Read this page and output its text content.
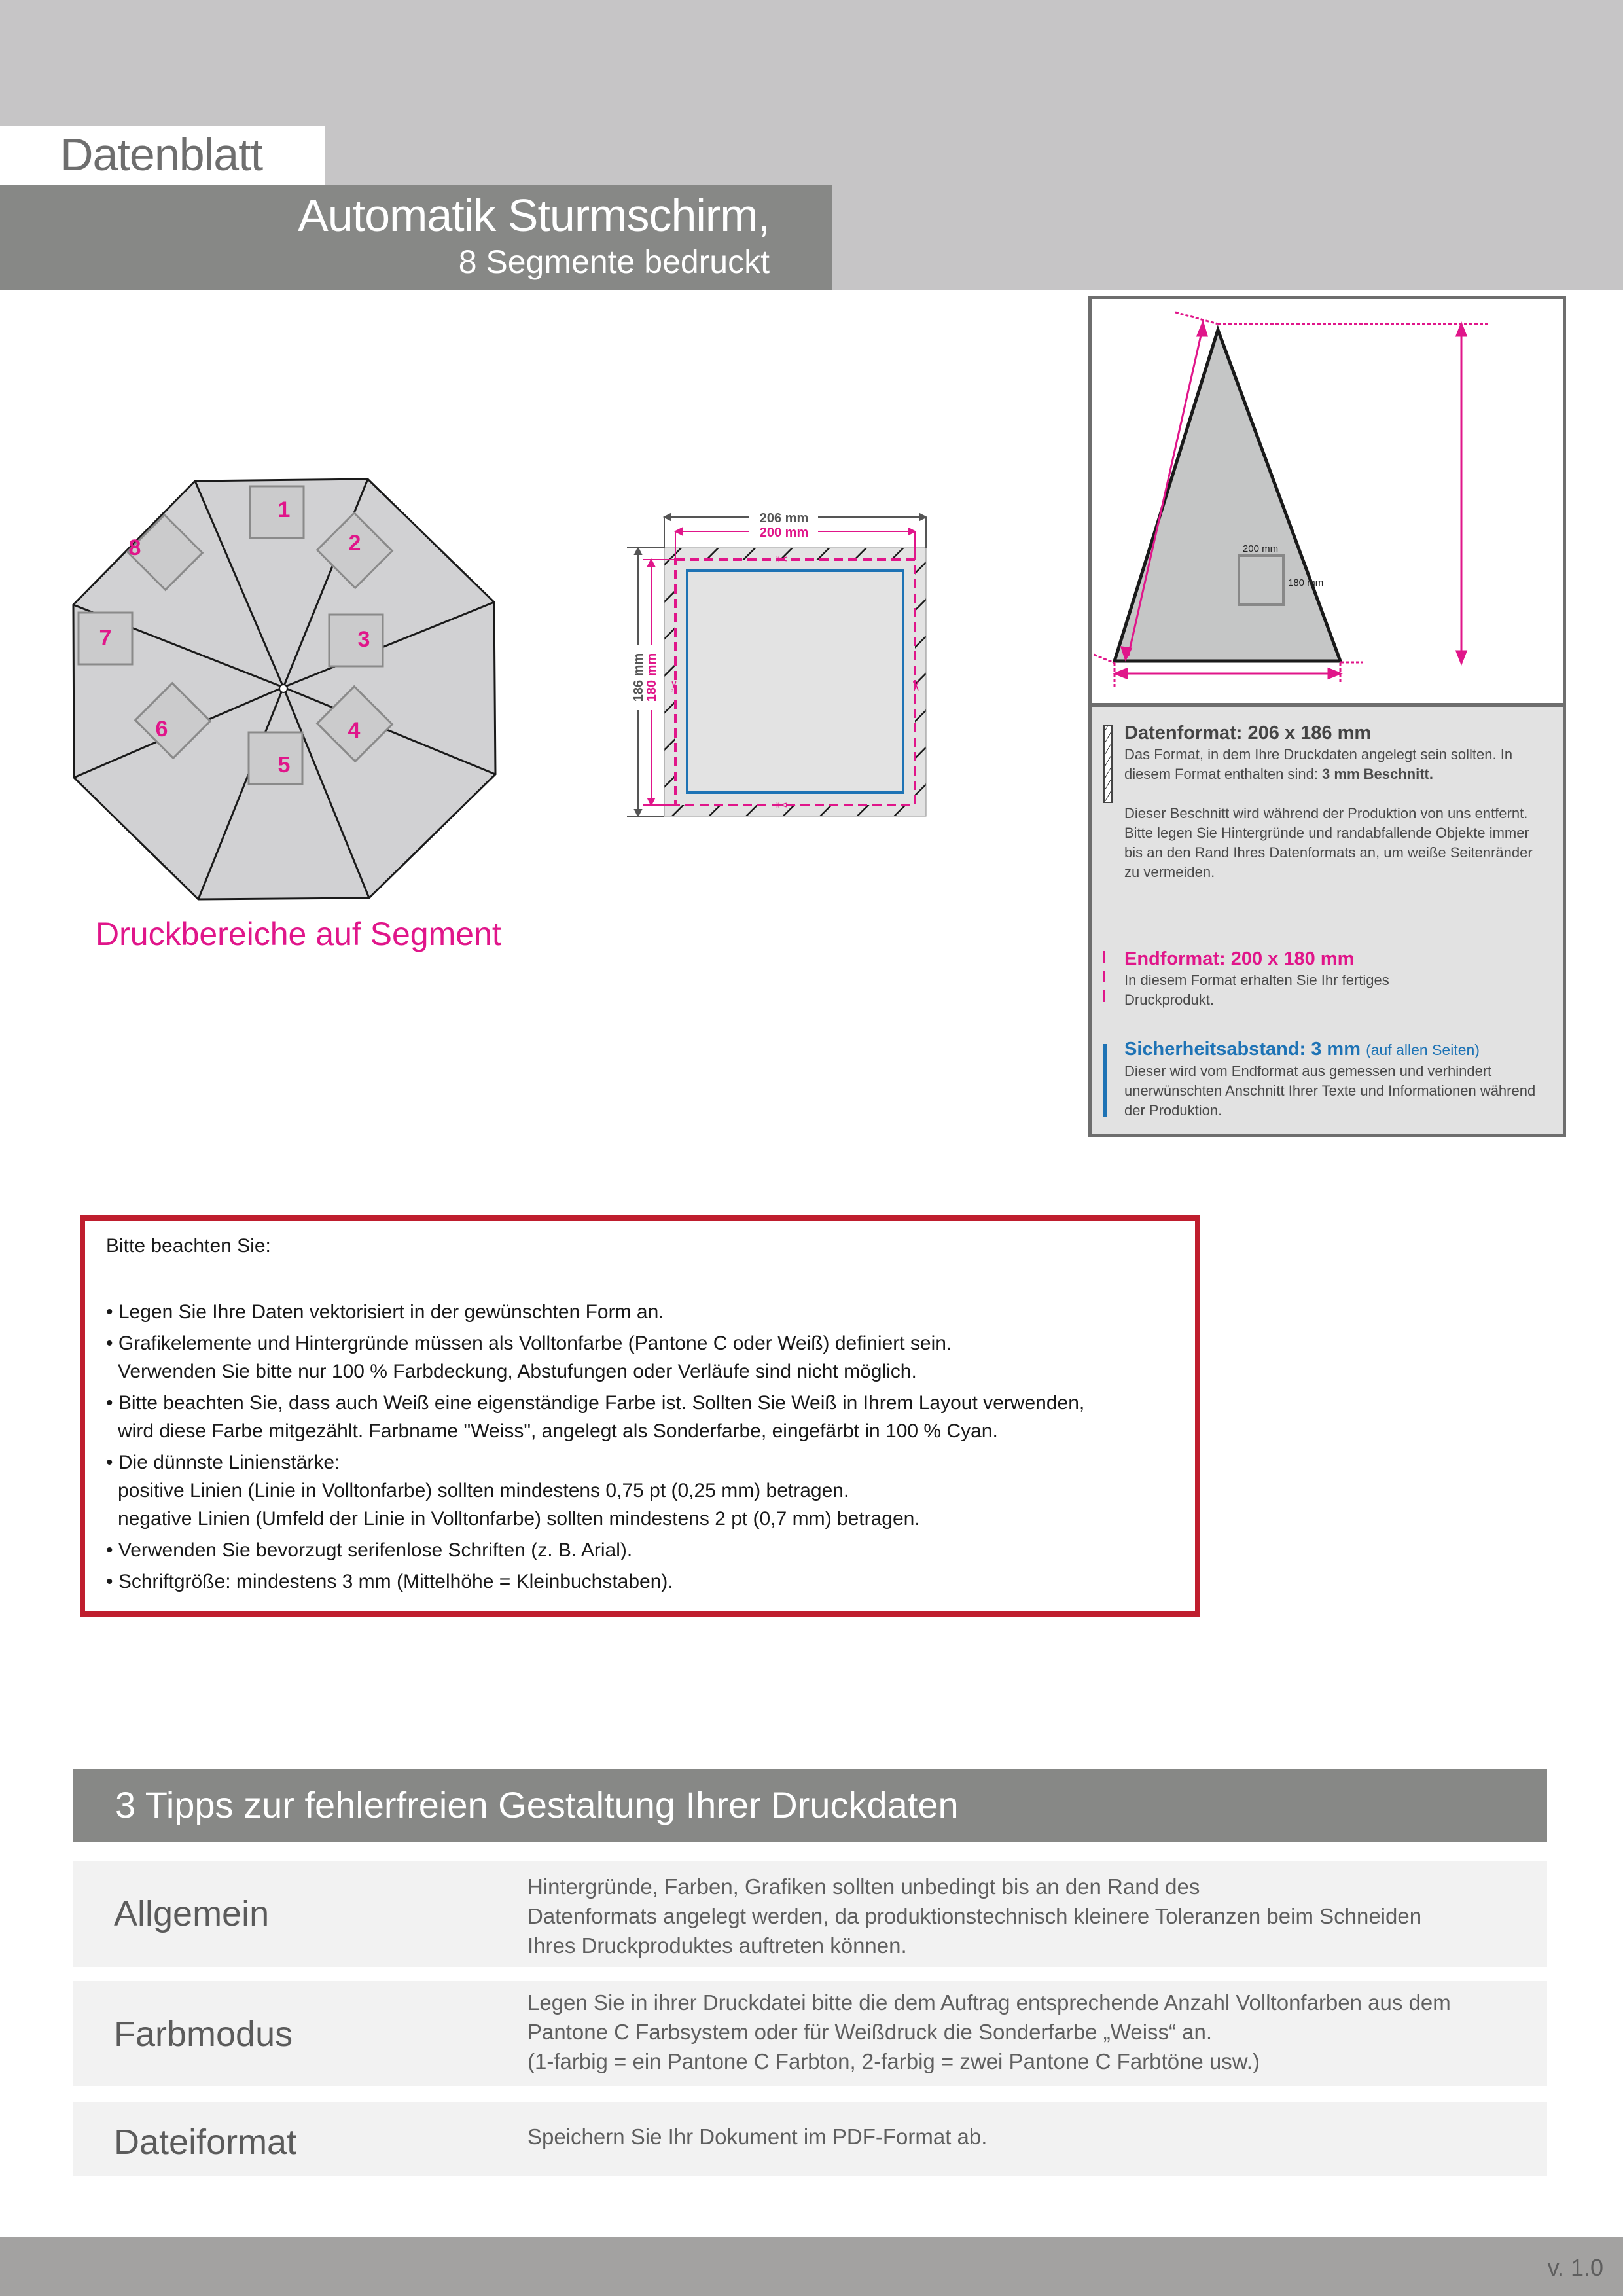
Datenblatt
Automatik Sturmschirm,
8 Segmente bedruckt
1
2
3
4
5
6
7
8
Druckbereiche auf Segment
206 mm
200 mm
186 mm
180 mm
✂
✂
✂	✂
200 mm
180 mm
Datenformat: 206 x 186 mm
Das Format, in dem Ihre Druckdaten angelegt sein sollten. In diesem Format enthalten sind: 3 mm Beschnitt.
Dieser Beschnitt wird während der Produktion von uns entfernt.
Bitte legen Sie Hintergründe und randabfallende Objekte immer bis an den Rand Ihres Datenformats an, um weiße Seitenränder zu vermeiden.
Endformat: 200 x 180 mm
In diesem Format erhalten Sie Ihr fertiges Druckprodukt.
Sicherheitsabstand: 3 mm (auf allen Seiten)
Dieser wird vom Endformat aus gemessen und verhindert unerwünschten Anschnitt Ihrer Texte und Informationen während der Produktion.
Bitte beachten Sie:
• Legen Sie Ihre Daten vektorisiert in der gewünschten Form an.
• Grafikelemente und Hintergründe müssen als Volltonfarbe (Pantone C oder Weiß) definiert sein.
Verwenden Sie bitte nur 100 % Farbdeckung, Abstufungen oder Verläufe sind nicht möglich.
• Bitte beachten Sie, dass auch Weiß eine eigenständige Farbe ist. Sollten Sie Weiß in Ihrem Layout verwenden,
wird diese Farbe mitgezählt. Farbname "Weiss", angelegt als Sonderfarbe, eingefärbt in 100 % Cyan.
• Die dünnste Linienstärke:
positive Linien (Linie in Volltonfarbe) sollten mindestens 0,75 pt (0,25 mm) betragen.
negative Linien (Umfeld der Linie in Volltonfarbe) sollten mindestens 2 pt (0,7 mm) betragen.
• Verwenden Sie bevorzugt serifenlose Schriften (z. B. Arial).
• Schriftgröße: mindestens 3 mm (Mittelhöhe = Kleinbuchstaben).
3 Tipps zur fehlerfreien Gestaltung Ihrer Druckdaten
Allgemein
Hintergründe, Farben, Grafiken sollten unbedingt bis an den Rand des
Datenformats angelegt werden, da produktionstechnisch kleinere Toleranzen beim Schneiden
Ihres Druckproduktes auftreten können.
Farbmodus
Legen Sie in ihrer Druckdatei bitte die dem Auftrag entsprechende Anzahl Volltonfarben aus dem
Pantone C Farbsystem oder für Weißdruck die Sonderfarbe „Weiss“ an.
(1-farbig = ein Pantone C Farbton, 2-farbig = zwei Pantone C Farbtöne usw.)
Dateiformat	Speichern Sie Ihr Dokument im PDF-Format ab.
v. 1.0
